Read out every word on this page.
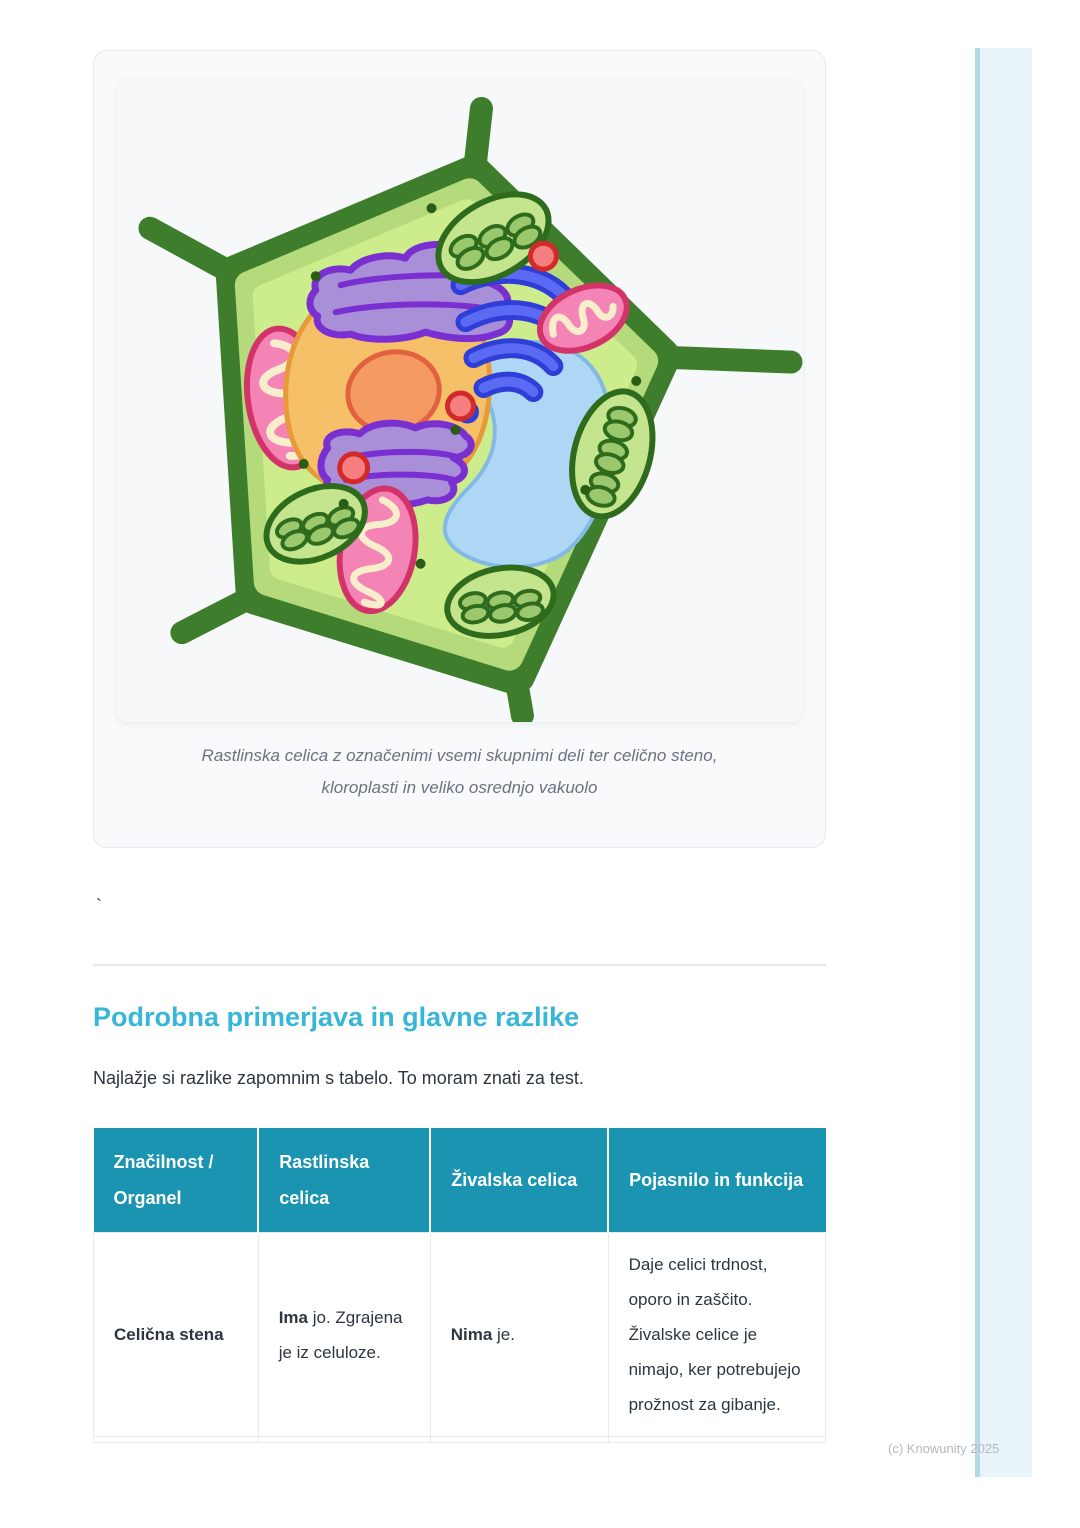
Rastlinska celica z označenimi vsemi skupnimi deli ter celično steno,
kloroplasti in veliko osrednjo vakuolo

`

Podrobna primerjava in glavne razlike

Najlažje si razlike zapomnim s tabelo. To moram znati za test.

Značilnost / Organel	Rastlinska celica	Živalska celica	Pojasnilo in funkcija
Celična stena	Ima jo. Zgrajena je iz celuloze.	Nima je.	Daje celici trdnost, oporo in zaščito. Živalske celice je nimajo, ker potrebujejo prožnost za gibanje.

(c) Knowunity 2025
